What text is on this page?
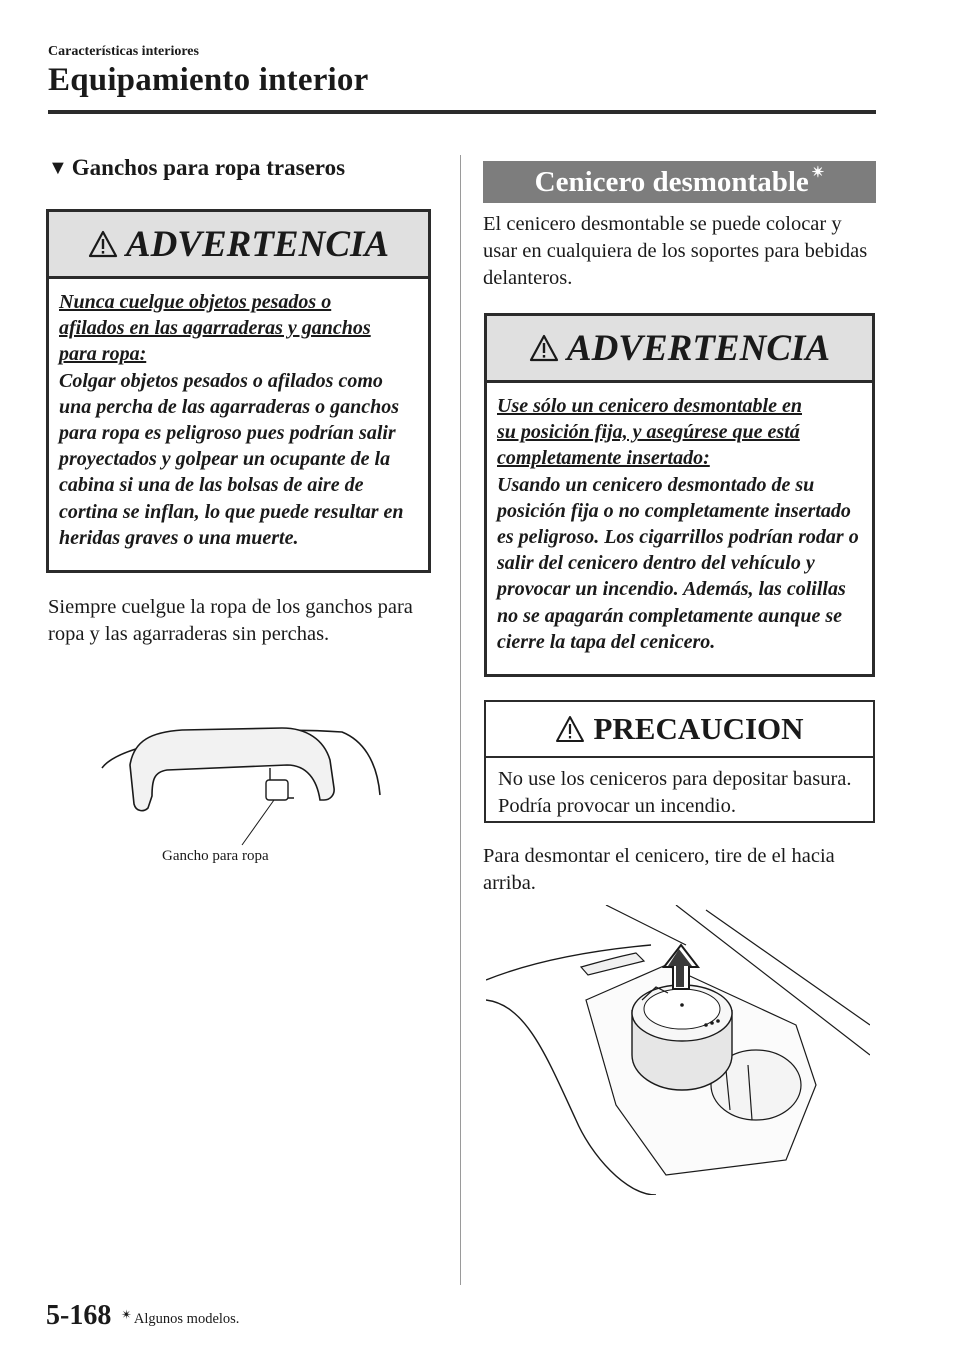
Características interiores
Equipamiento interior
▼ Ganchos para ropa traseros
ADVERTENCIA
Nunca cuelgue objetos pesados o
afilados en las agarraderas y ganchos
para ropa:
Colgar objetos pesados o afilados como una percha de las agarraderas o ganchos para ropa es peligroso pues podrían salir proyectados y golpear un ocupante de la cabina si una de las bolsas de aire de cortina se inflan, lo que puede resultar en heridas graves o una muerte.
Siempre cuelgue la ropa de los ganchos para ropa y las agarraderas sin perchas.
Gancho para ropa
Cenicero desmontable ✴
El cenicero desmontable se puede colocar y usar en cualquiera de los soportes para bebidas delanteros.
ADVERTENCIA
Use sólo un cenicero desmontable en
su posición fija, y asegúrese que está
completamente insertado:
Usando un cenicero desmontado de su posición fija o no completamente insertado es peligroso. Los cigarrillos podrían rodar o salir del cenicero dentro del vehículo y provocar un incendio. Además, las colillas no se apagarán completamente aunque se cierre la tapa del cenicero.
PRECAUCION
No use los ceniceros para depositar basura. Podría provocar un incendio.
Para desmontar el cenicero, tire de el hacia arriba.
5-168 ✴ Algunos modelos.
